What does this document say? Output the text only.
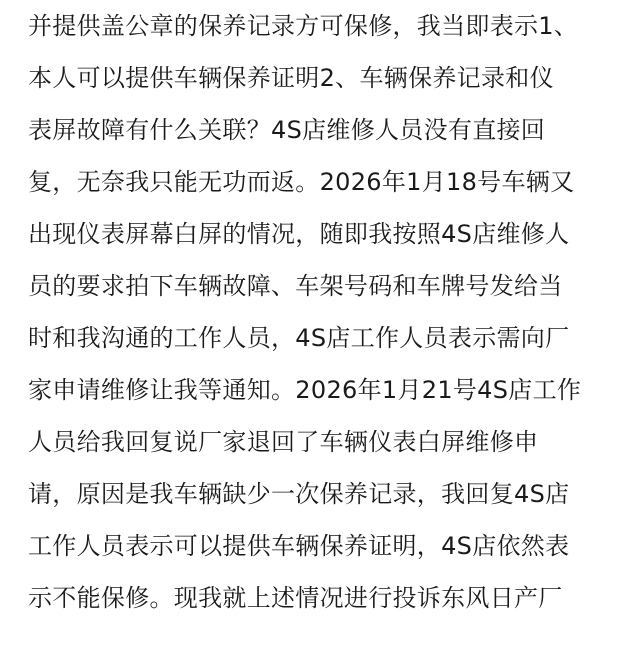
并提供盖公章的保养记录方可保修，我当即表示1、
本人可以提供车辆保养证明2、车辆保养记录和仪
表屏故障有什么关联？4S店维修人员没有直接回
复，无奈我只能无功而返。2026年1月18号车辆又
出现仪表屏幕白屏的情况，随即我按照4S店维修人
员的要求拍下车辆故障、车架号码和车牌号发给当
时和我沟通的工作人员，4S店工作人员表示需向厂
家申请维修让我等通知。2026年1月21号4S店工作
人员给我回复说厂家退回了车辆仪表白屏维修申
请，原因是我车辆缺少一次保养记录，我回复4S店
工作人员表示可以提供车辆保养证明，4S店依然表
示不能保修。现我就上述情况进行投诉东风日产厂
